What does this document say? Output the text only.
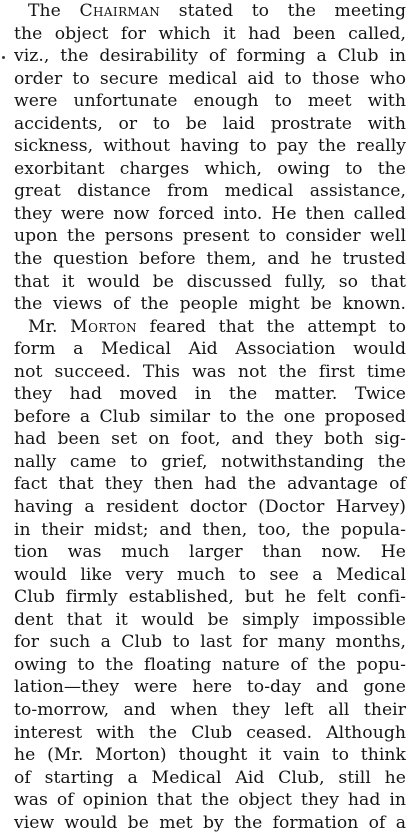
The Chairman stated to the meeting
the object for which it had been called,
viz., the desirability of forming a Club in
order to secure medical aid to those who
were unfortunate enough to meet with
accidents, or to be laid prostrate with
sickness, without having to pay the really
exorbitant charges which, owing to the
great distance from medical assistance,
they were now forced into. He then called
upon the persons present to consider well
the question before them, and he trusted
that it would be discussed fully, so that
the views of the people might be known.
Mr. Morton feared that the attempt to
form a Medical Aid Association would
not succeed. This was not the first time
they had moved in the matter. Twice
before a Club similar to the one proposed
had been set on foot, and they both sig-
nally came to grief, notwithstanding the
fact that they then had the advantage of
having a resident doctor (Doctor Harvey)
in their midst; and then, too, the popula-
tion was much larger than now. He
would like very much to see a Medical
Club firmly established, but he felt confi-
dent that it would be simply impossible
for such a Club to last for many months,
owing to the floating nature of the popu-
lation—they were here to-day and gone
to-morrow, and when they left all their
interest with the Club ceased. Although
he (Mr. Morton) thought it vain to think
of starting a Medical Aid Club, still he
was of opinion that the object they had in
view would be met by the formation of a
